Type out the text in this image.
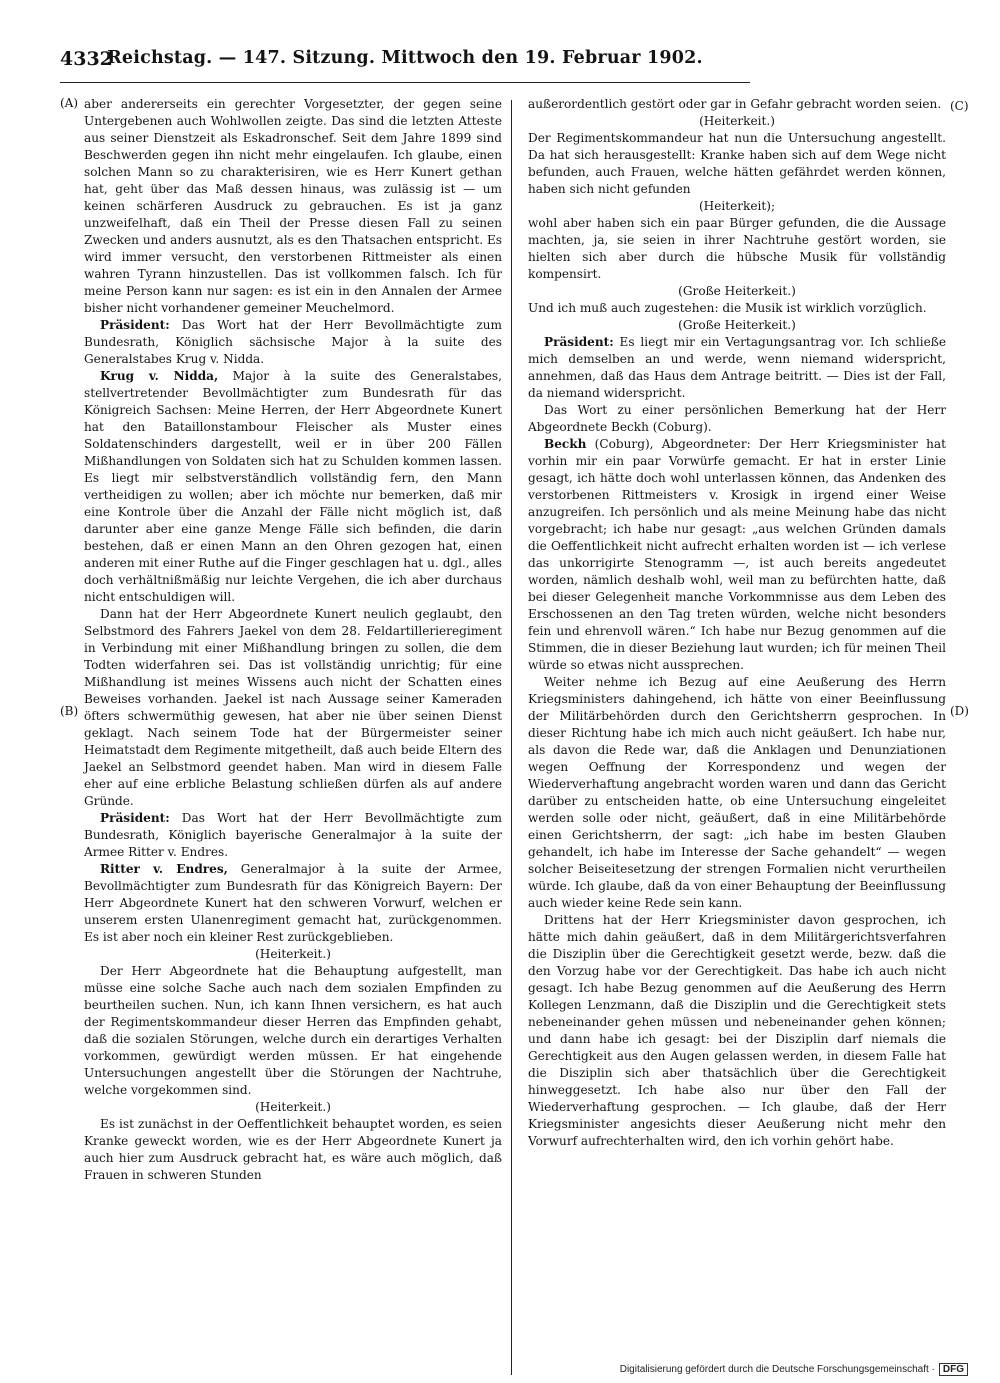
4332
Reichstag. — 147. Sitzung. Mittwoch den 19. Februar 1902.
(A)
(B)
(C)
(D)

aber andererseits ein gerechter Vorgesetzter, der gegen seine Untergebenen auch Wohlwollen zeigte. Das sind die letzten Atteste aus seiner Dienstzeit als Eskadronschef. Seit dem Jahre 1899 sind Beschwerden gegen ihn nicht mehr eingelaufen. Ich glaube, einen solchen Mann so zu charakterisiren, wie es Herr Kunert gethan hat, geht über das Maß dessen hinaus, was zulässig ist — um keinen schärferen Ausdruck zu gebrauchen. Es ist ja ganz unzweifelhaft, daß ein Theil der Presse diesen Fall zu seinen Zwecken und anders ausnutzt, als es den Thatsachen entspricht. Es wird immer versucht, den verstorbenen Rittmeister als einen wahren Tyrann hinzustellen. Das ist vollkommen falsch. Ich für meine Person kann nur sagen: es ist ein in den Annalen der Armee bisher nicht vorhandener gemeiner Meuchelmord.

Präsident: Das Wort hat der Herr Bevollmächtigte zum Bundesrath, Königlich sächsische Major à la suite des Generalstabes Krug v. Nidda.

Krug v. Nidda, Major à la suite des Generalstabes, stellvertretender Bevollmächtigter zum Bundesrath für das Königreich Sachsen: Meine Herren, der Herr Abgeordnete Kunert hat den Bataillonstambour Fleischer als Muster eines Soldatenschinders dargestellt, weil er in über 200 Fällen Mißhandlungen von Soldaten sich hat zu Schulden kommen lassen. Es liegt mir selbstverständlich vollständig fern, den Mann vertheidigen zu wollen; aber ich möchte nur bemerken, daß mir eine Kontrole über die Anzahl der Fälle nicht möglich ist, daß darunter aber eine ganze Menge Fälle sich befinden, die darin bestehen, daß er einen Mann an den Ohren gezogen hat, einen anderen mit einer Ruthe auf die Finger geschlagen hat u. dgl., alles doch verhältnißmäßig nur leichte Vergehen, die ich aber durchaus nicht entschuldigen will.

Dann hat der Herr Abgeordnete Kunert neulich geglaubt, den Selbstmord des Fahrers Jaekel von dem 28. Feldartillerieregiment in Verbindung mit einer Mißhandlung bringen zu sollen, die dem Todten widerfahren sei. Das ist vollständig unrichtig; für eine Mißhandlung ist meines Wissens auch nicht der Schatten eines Beweises vorhanden. Jaekel ist nach Aussage seiner Kameraden öfters schwermüthig gewesen, hat aber nie über seinen Dienst geklagt. Nach seinem Tode hat der Bürgermeister seiner Heimatstadt dem Regimente mitgetheilt, daß auch beide Eltern des Jaekel an Selbstmord geendet haben. Man wird in diesem Falle eher auf eine erbliche Belastung schließen dürfen als auf andere Gründe.

Präsident: Das Wort hat der Herr Bevollmächtigte zum Bundesrath, Königlich bayerische Generalmajor à la suite der Armee Ritter v. Endres.

Ritter v. Endres, Generalmajor à la suite der Armee, Bevollmächtigter zum Bundesrath für das Königreich Bayern: Der Herr Abgeordnete Kunert hat den schweren Vorwurf, welchen er unserem ersten Ulanenregiment gemacht hat, zurückgenommen. Es ist aber noch ein kleiner Rest zurückgeblieben.

(Heiterkeit.)

Der Herr Abgeordnete hat die Behauptung aufgestellt, man müsse eine solche Sache auch nach dem sozialen Empfinden zu beurtheilen suchen. Nun, ich kann Ihnen versichern, es hat auch der Regimentskommandeur dieser Herren das Empfinden gehabt, daß die sozialen Störungen, welche durch ein derartiges Verhalten vorkommen, gewürdigt werden müssen. Er hat eingehende Untersuchungen angestellt über die Störungen der Nachtruhe, welche vorgekommen sind.

(Heiterkeit.)

Es ist zunächst in der Oeffentlichkeit behauptet worden, es seien Kranke geweckt worden, wie es der Herr Abgeordnete Kunert ja auch hier zum Ausdruck gebracht hat, es wäre auch möglich, daß Frauen in schweren Stunden

außerordentlich gestört oder gar in Gefahr gebracht worden seien.

(Heiterkeit.)

Der Regimentskommandeur hat nun die Untersuchung angestellt. Da hat sich herausgestellt: Kranke haben sich auf dem Wege nicht befunden, auch Frauen, welche hätten gefährdet werden können, haben sich nicht gefunden

(Heiterkeit);

wohl aber haben sich ein paar Bürger gefunden, die die Aussage machten, ja, sie seien in ihrer Nachtruhe gestört worden, sie hielten sich aber durch die hübsche Musik für vollständig kompensirt.

(Große Heiterkeit.)

Und ich muß auch zugestehen: die Musik ist wirklich vorzüglich.

(Große Heiterkeit.)

Präsident: Es liegt mir ein Vertagungsantrag vor. Ich schließe mich demselben an und werde, wenn niemand widerspricht, annehmen, daß das Haus dem Antrage beitritt. — Dies ist der Fall, da niemand widerspricht.

Das Wort zu einer persönlichen Bemerkung hat der Herr Abgeordnete Beckh (Coburg).

Beckh (Coburg), Abgeordneter: Der Herr Kriegsminister hat vorhin mir ein paar Vorwürfe gemacht. Er hat in erster Linie gesagt, ich hätte doch wohl unterlassen können, das Andenken des verstorbenen Rittmeisters v. Krosigk in irgend einer Weise anzugreifen. Ich persönlich und als meine Meinung habe das nicht vorgebracht; ich habe nur gesagt: „aus welchen Gründen damals die Oeffentlichkeit nicht aufrecht erhalten worden ist — ich verlese das unkorrigirte Stenogramm —, ist auch bereits angedeutet worden, nämlich deshalb wohl, weil man zu befürchten hatte, daß bei dieser Gelegenheit manche Vorkommnisse aus dem Leben des Erschossenen an den Tag treten würden, welche nicht besonders fein und ehrenvoll wären.“ Ich habe nur Bezug genommen auf die Stimmen, die in dieser Beziehung laut wurden; ich für meinen Theil würde so etwas nicht aussprechen.

Weiter nehme ich Bezug auf eine Aeußerung des Herrn Kriegsministers dahingehend, ich hätte von einer Beeinflussung der Militärbehörden durch den Gerichtsherrn gesprochen. In dieser Richtung habe ich mich auch nicht geäußert. Ich habe nur, als davon die Rede war, daß die Anklagen und Denunziationen wegen Oeffnung der Korrespondenz und wegen der Wiederverhaftung angebracht worden waren und dann das Gericht darüber zu entscheiden hatte, ob eine Untersuchung eingeleitet werden solle oder nicht, geäußert, daß in eine Militärbehörde einen Gerichtsherrn, der sagt: „ich habe im besten Glauben gehandelt, ich habe im Interesse der Sache gehandelt“ — wegen solcher Beiseitesetzung der strengen Formalien nicht verurtheilen würde. Ich glaube, daß da von einer Behauptung der Beeinflussung auch wieder keine Rede sein kann.

Drittens hat der Herr Kriegsminister davon gesprochen, ich hätte mich dahin geäußert, daß in dem Militärgerichtsverfahren die Disziplin über die Gerechtigkeit gesetzt werde, bezw. daß die den Vorzug habe vor der Gerechtigkeit. Das habe ich auch nicht gesagt. Ich habe Bezug genommen auf die Aeußerung des Herrn Kollegen Lenzmann, daß die Disziplin und die Gerechtigkeit stets nebeneinander gehen müssen und nebeneinander gehen können; und dann habe ich gesagt: bei der Disziplin darf niemals die Gerechtigkeit aus den Augen gelassen werden, in diesem Falle hat die Disziplin sich aber thatsächlich über die Gerechtigkeit hinweggesetzt. Ich habe also nur über den Fall der Wiederverhaftung gesprochen. — Ich glaube, daß der Herr Kriegsminister angesichts dieser Aeußerung nicht mehr den Vorwurf aufrechterhalten wird, den ich vorhin gehört habe.

Digitalisierung gefördert durch die Deutsche Forschungsgemeinschaft · DFG
